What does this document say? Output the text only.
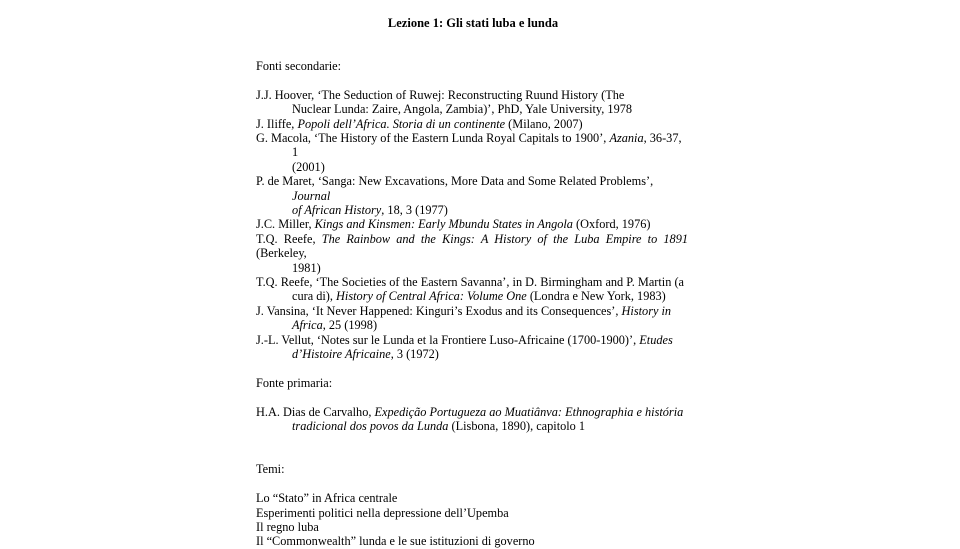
Lezione 1: Gli stati luba e lunda

Fonti secondarie:

J.J. Hoover, ‘The Seduction of Ruwej: Reconstructing Ruund History (The
Nuclear Lunda: Zaire, Angola, Zambia)’, PhD, Yale University, 1978

J. Iliffe, Popoli dell’Africa. Storia di un continente (Milano, 2007)

G. Macola, ‘The History of the Eastern Lunda Royal Capitals to 1900’, Azania, 36-37, 1
(2001)

P. de Maret, ‘Sanga: New Excavations, More Data and Some Related Problems’, Journal
of African History, 18, 3 (1977)

J.C. Miller, Kings and Kinsmen: Early Mbundu States in Angola (Oxford, 1976)

T.Q. Reefe, The Rainbow and the Kings: A History of the Luba Empire to 1891

(Berkeley,

1981)

T.Q. Reefe, ‘The Societies of the Eastern Savanna’, in D. Birmingham and P. Martin (a
cura di), History of Central Africa: Volume One (Londra e New York, 1983)

J. Vansina, ‘It Never Happened: Kinguri’s Exodus and its Consequences’, History in
Africa, 25 (1998)

J.-L. Vellut, ‘Notes sur le Lunda et la Frontiere Luso-Africaine (1700-1900)’, Etudes
d’Histoire Africaine, 3 (1972)

Fonte primaria:

H.A. Dias de Carvalho, Expedição Portugueza ao Muatiânva: Ethnographia e história
tradicional dos povos da Lunda (Lisbona, 1890), capitolo 1

Temi:

Lo “Stato” in Africa centrale

Esperimenti politici nella depressione dell’Upemba

Il regno luba

Il “Commonwealth” lunda e le sue istituzioni di governo
